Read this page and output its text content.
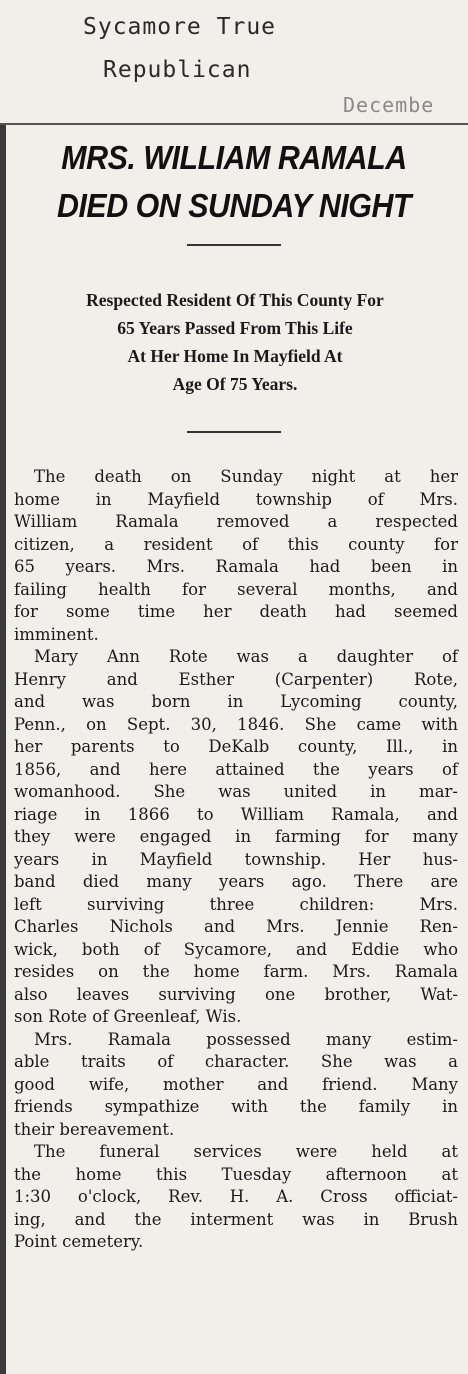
Sycamore True
Republican
Decembe
MRS. WILLIAM RAMALA
DIED ON SUNDAY NIGHT
Respected Resident Of This County For
65 Years Passed From This Life
At Her Home In Mayfield At
Age Of 75 Years.
The death on Sunday night at her
home in Mayfield township of Mrs.
William Ramala removed a respected
citizen, a resident of this county for
65 years. Mrs. Ramala had been in
failing health for several months, and
for some time her death had seemed
imminent.
Mary Ann Rote was a daughter of
Henry and Esther (Carpenter) Rote,
and was born in Lycoming county,
Penn., on Sept. 30, 1846. She came with
her parents to DeKalb county, Ill., in
1856, and here attained the years of
womanhood. She was united in mar-
riage in 1866 to William Ramala, and
they were engaged in farming for many
years in Mayfield township. Her hus-
band died many years ago. There are
left surviving three children: Mrs.
Charles Nichols and Mrs. Jennie Ren-
wick, both of Sycamore, and Eddie who
resides on the home farm. Mrs. Ramala
also leaves surviving one brother, Wat-
son Rote of Greenleaf, Wis.
Mrs. Ramala possessed many estim-
able traits of character. She was a
good wife, mother and friend. Many
friends sympathize with the family in
their bereavement.
The funeral services were held at
the home this Tuesday afternoon at
1:30 o'clock, Rev. H. A. Cross officiat-
ing, and the interment was in Brush
Point cemetery.
